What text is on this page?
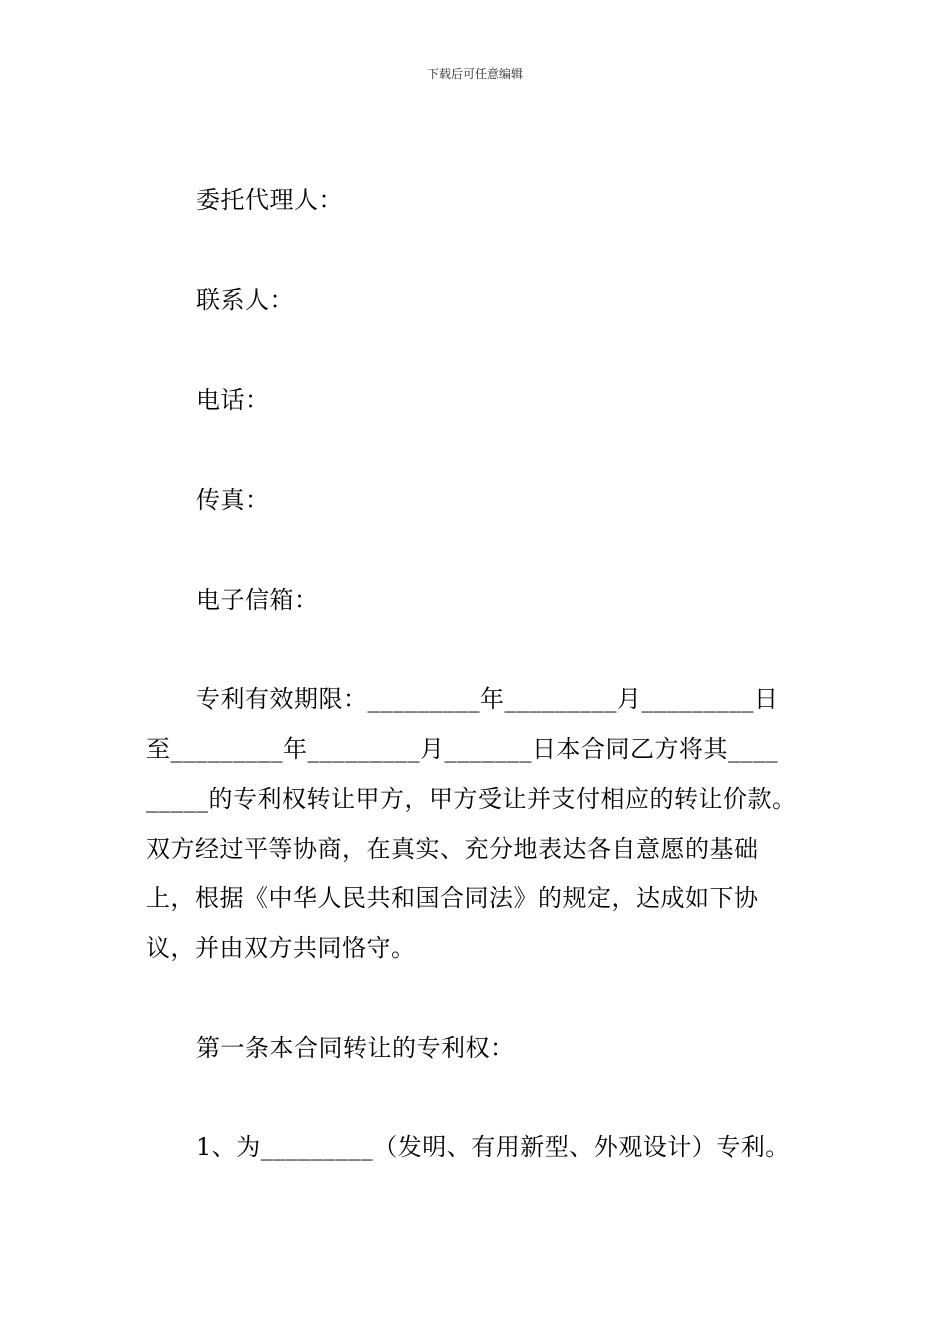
下载后可任意编辑
委托代理人：
联系人：
电话：
传真：
电子信箱：
专利有效期限：_________年_________月_________日
至_________年_________月_______日本合同乙方将其____
_____的专利权转让甲方，甲方受让并支付相应的转让价款。
双方经过平等协商，在真实、充分地表达各自意愿的基础
上，根据《中华人民共和国合同法》的规定，达成如下协
议，并由双方共同恪守。
第一条本合同转让的专利权：
1、为_________（发明、有用新型、外观设计）专利。
